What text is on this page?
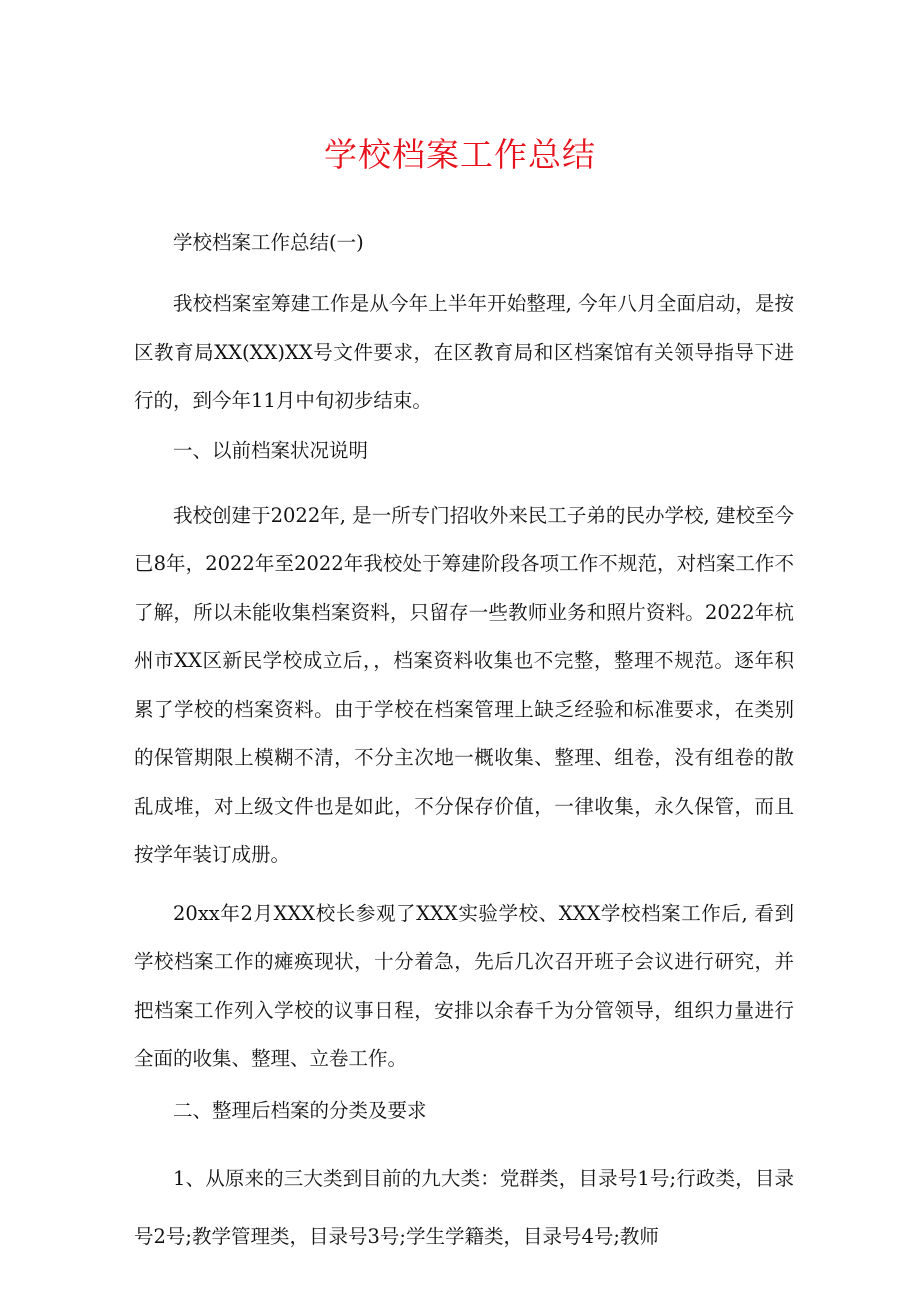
学校档案工作总结

学校档案工作总结(一)

我校档案室筹建工作是从今年上半年开始整理, 今年八月全面启动，是按区教育局XX(XX)XX号文件要求，在区教育局和区档案馆有关领导指导下进行的，到今年11月中旬初步结束。

一、以前档案状况说明

我校创建于2022年, 是一所专门招收外来民工子弟的民办学校, 建校至今已8年，2022年至2022年我校处于筹建阶段各项工作不规范，对档案工作不了解，所以未能收集档案资料，只留存一些教师业务和照片资料。2022年杭州市XX区新民学校成立后，，档案资料收集也不完整，整理不规范。逐年积累了学校的档案资料。由于学校在档案管理上缺乏经验和标准要求，在类别的保管期限上模糊不清，不分主次地一概收集、整理、组卷，没有组卷的散乱成堆，对上级文件也是如此，不分保存价值，一律收集，永久保管，而且按学年装订成册。

20xx年2月XXX校长参观了XXX实验学校、XXX学校档案工作后, 看到学校档案工作的瘫痪现状，十分着急，先后几次召开班子会议进行研究，并把档案工作列入学校的议事日程，安排以余春千为分管领导，组织力量进行全面的收集、整理、立卷工作。

二、整理后档案的分类及要求

1、从原来的三大类到目前的九大类：党群类，目录号1号;行政类，目录号2号;教学管理类，目录号3号;学生学籍类，目录号4号;教师
